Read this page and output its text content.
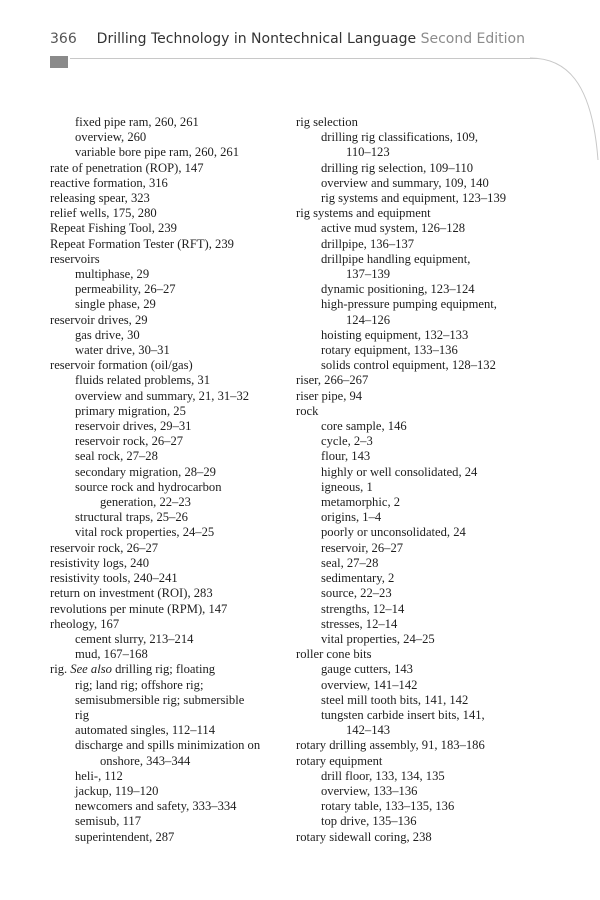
366 Drilling Technology in Nontechnical Language Second Edition
fixed pipe ram, 260, 261
overview, 260
variable bore pipe ram, 260, 261
rate of penetration (ROP), 147
reactive formation, 316
releasing spear, 323
relief wells, 175, 280
Repeat Fishing Tool, 239
Repeat Formation Tester (RFT), 239
reservoirs
multiphase, 29
permeability, 26–27
single phase, 29
reservoir drives, 29
gas drive, 30
water drive, 30–31
reservoir formation (oil/gas)
fluids related problems, 31
overview and summary, 21, 31–32
primary migration, 25
reservoir drives, 29–31
reservoir rock, 26–27
seal rock, 27–28
secondary migration, 28–29
source rock and hydrocarbon
generation, 22–23
structural traps, 25–26
vital rock properties, 24–25
reservoir rock, 26–27
resistivity logs, 240
resistivity tools, 240–241
return on investment (ROI), 283
revolutions per minute (RPM), 147
rheology, 167
cement slurry, 213–214
mud, 167–168
rig. See also drilling rig; floating
rig; land rig; offshore rig;
semisubmersible rig; submersible
rig
automated singles, 112–114
discharge and spills minimization on
onshore, 343–344
heli-, 112
jackup, 119–120
newcomers and safety, 333–334
semisub, 117
superintendent, 287
rig selection
drilling rig classifications, 109,
110–123
drilling rig selection, 109–110
overview and summary, 109, 140
rig systems and equipment, 123–139
rig systems and equipment
active mud system, 126–128
drillpipe, 136–137
drillpipe handling equipment,
137–139
dynamic positioning, 123–124
high-pressure pumping equipment,
124–126
hoisting equipment, 132–133
rotary equipment, 133–136
solids control equipment, 128–132
riser, 266–267
riser pipe, 94
rock
core sample, 146
cycle, 2–3
flour, 143
highly or well consolidated, 24
igneous, 1
metamorphic, 2
origins, 1–4
poorly or unconsolidated, 24
reservoir, 26–27
seal, 27–28
sedimentary, 2
source, 22–23
strengths, 12–14
stresses, 12–14
vital properties, 24–25
roller cone bits
gauge cutters, 143
overview, 141–142
steel mill tooth bits, 141, 142
tungsten carbide insert bits, 141,
142–143
rotary drilling assembly, 91, 183–186
rotary equipment
drill floor, 133, 134, 135
overview, 133–136
rotary table, 133–135, 136
top drive, 135–136
rotary sidewall coring, 238
